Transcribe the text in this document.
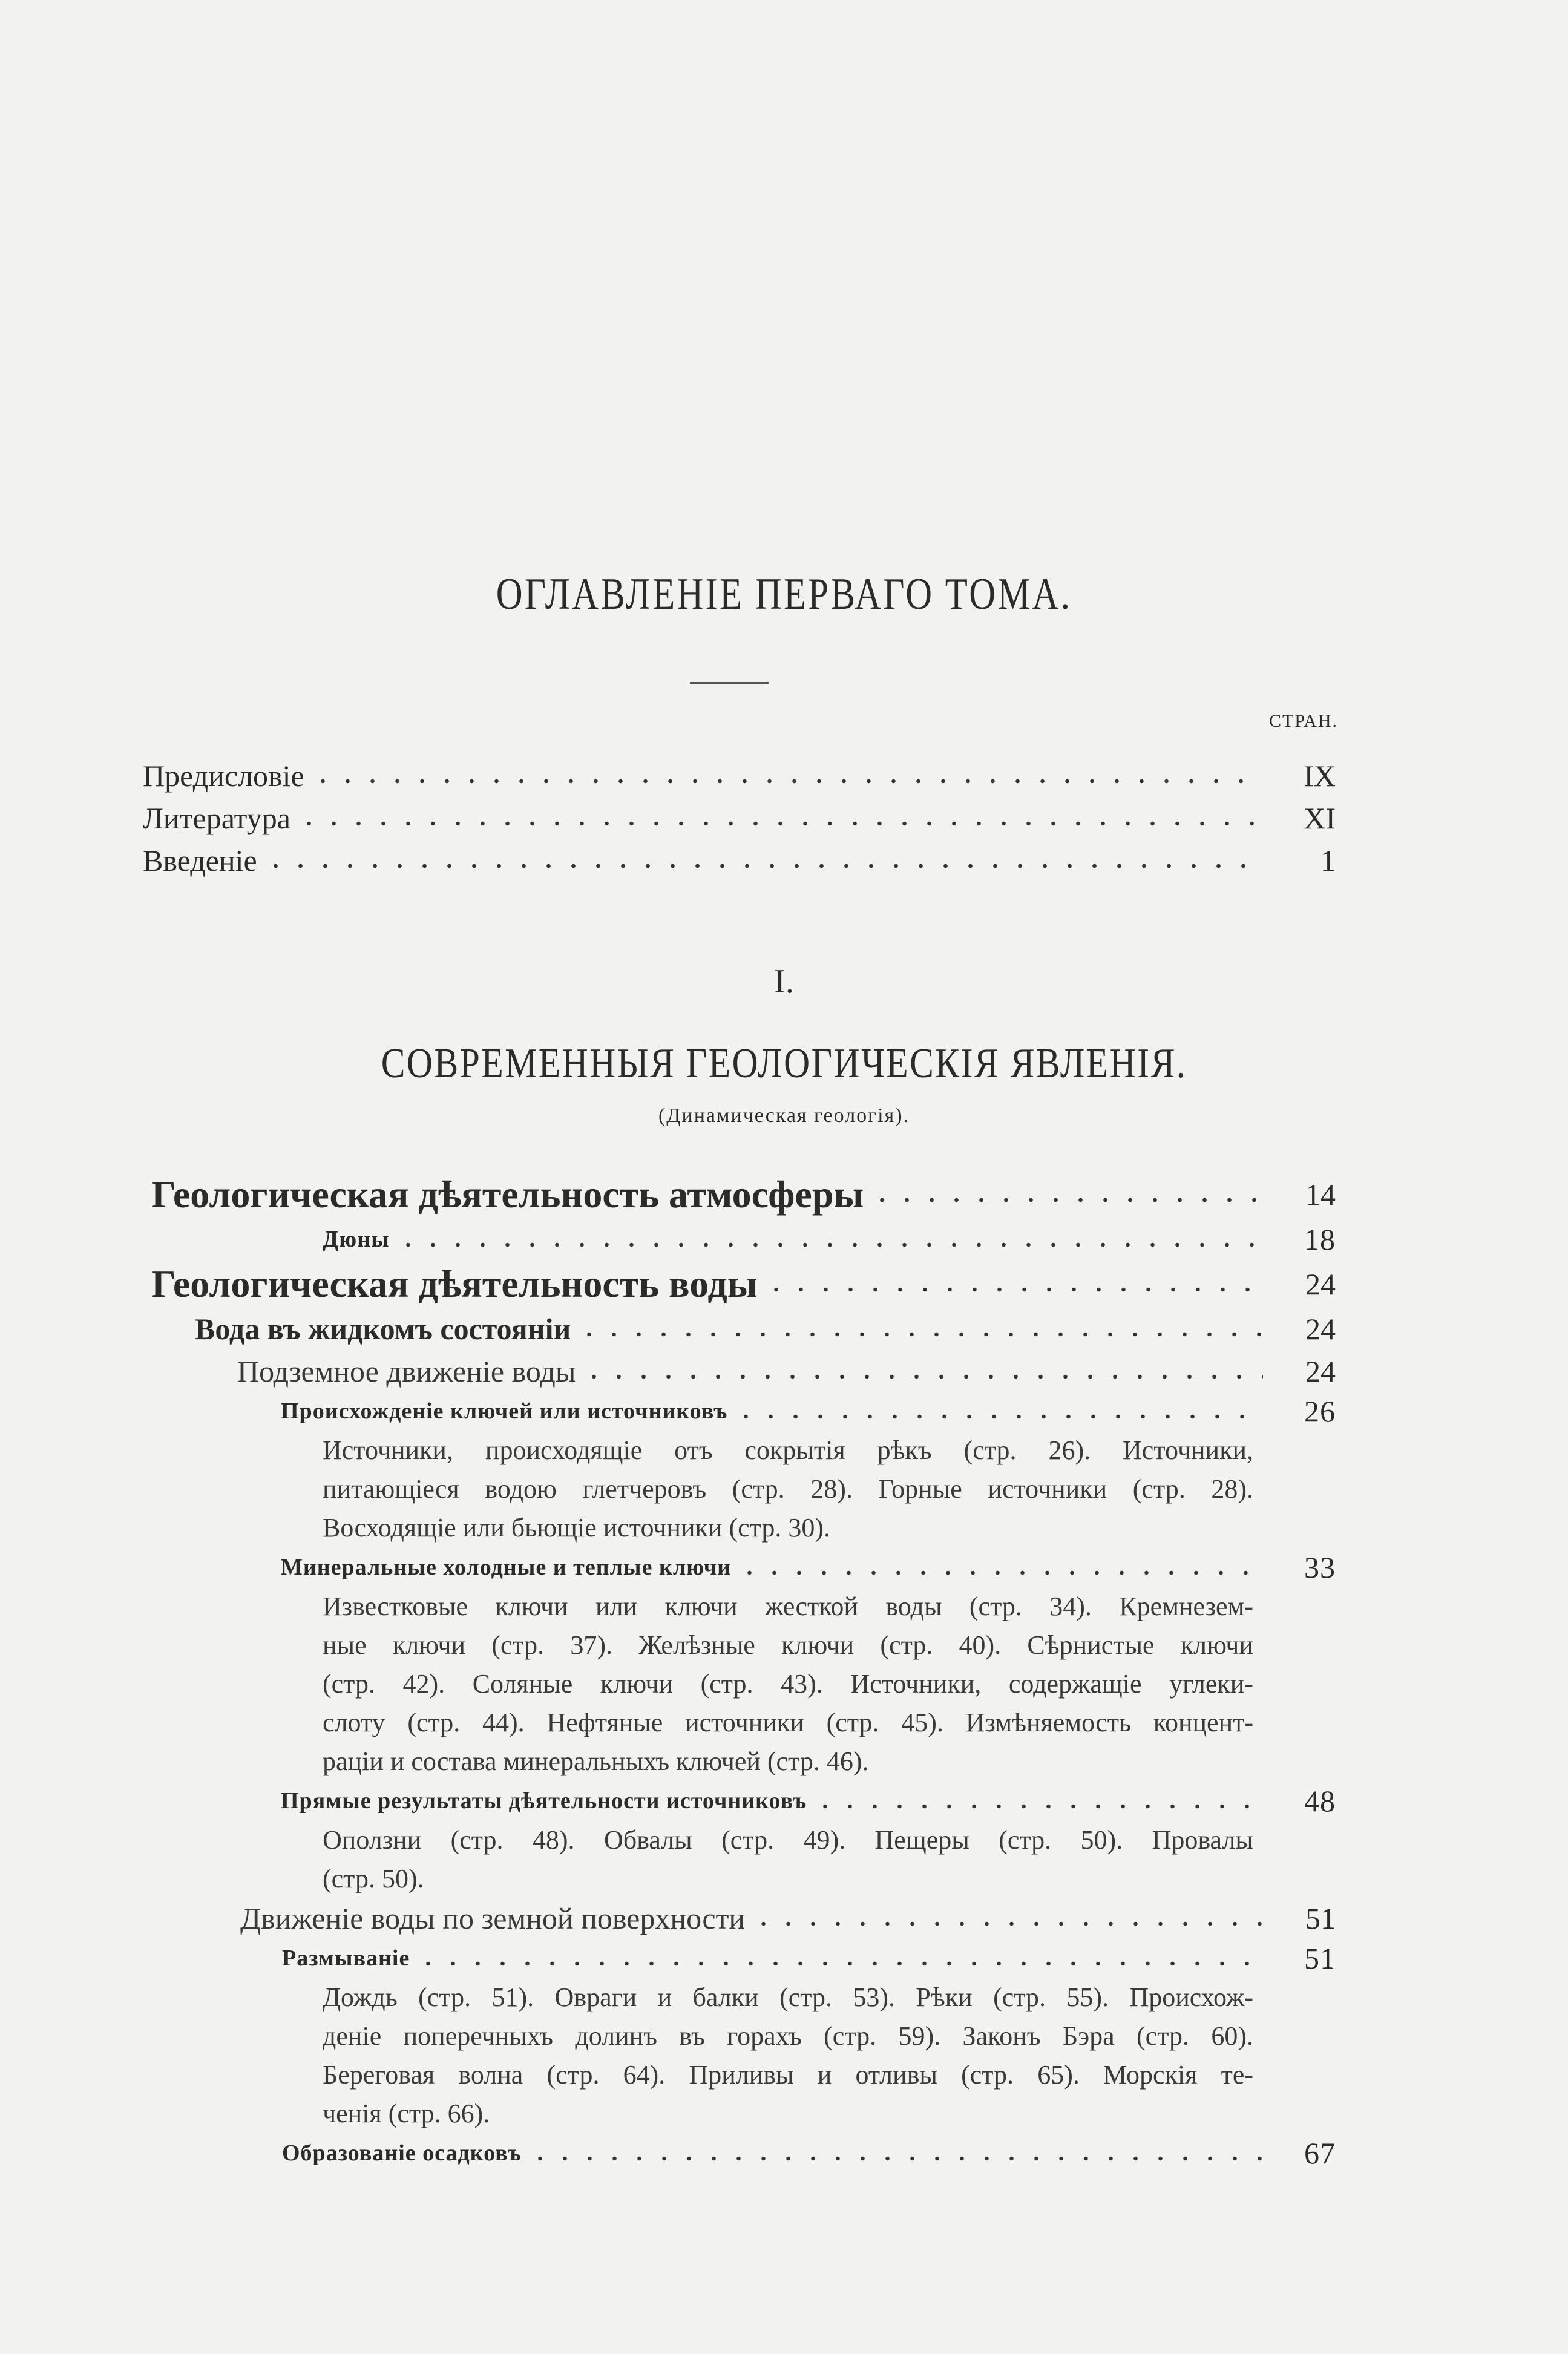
ОГЛАВЛЕНІЕ ПЕРВАГО ТОМА.
СТРАН.
Предисловіе	IX
Литература	XI
Введеніе	1
I.
СОВРЕМЕННЫЯ ГЕОЛОГИЧЕСКІЯ ЯВЛЕНІЯ.
(Динамическая геологія).
Геологическая дѣятельность атмосферы	14
Дюны	18
Геологическая дѣятельность воды	24
Вода въ жидкомъ состояніи	24
Подземное движеніе воды	24
Происхожденіе ключей или источниковъ	26
Источники, происходящіе отъ сокрытія рѣкъ (стр. 26). Источники,
питающіеся водою глетчеровъ (стр. 28). Горные источники (стр. 28).
Восходящіе или бьющіе источники (стр. 30).
Минеральные холодные и теплые ключи	33
Известковые ключи или ключи жесткой воды (стр. 34). Кремнезем-
ные ключи (стр. 37). Желѣзные ключи (стр. 40). Сѣрнистые ключи
(стр. 42). Соляные ключи (стр. 43). Источники, содержащіе углеки-
слоту (стр. 44). Нефтяные источники (стр. 45). Измѣняемость концент-
раціи и состава минеральныхъ ключей (стр. 46).
Прямые результаты дѣятельности источниковъ	48
Оползни (стр. 48). Обвалы (стр. 49). Пещеры (стр. 50). Провалы
(стр. 50).
Движеніе воды по земной поверхности	51
Размываніе	51
Дождь (стр. 51). Овраги и балки (стр. 53). Рѣки (стр. 55). Происхож-
деніе поперечныхъ долинъ въ горахъ (стр. 59). Законъ Бэра (стр. 60).
Береговая волна (стр. 64). Приливы и отливы (стр. 65). Морскія те-
ченія (стр. 66).
Образованіе осадковъ	67
